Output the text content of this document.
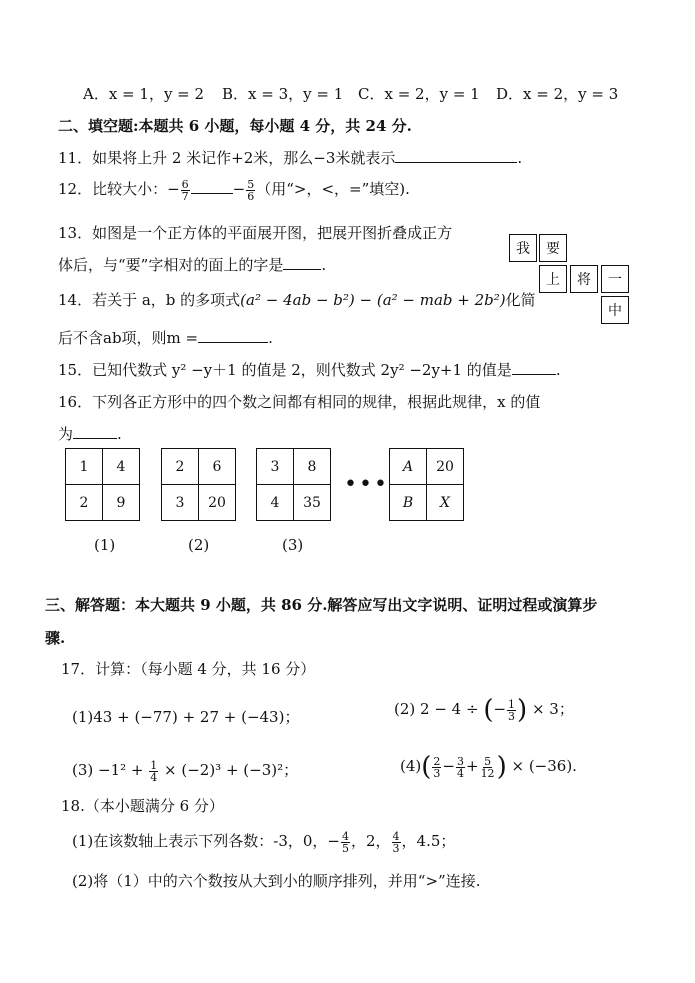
A．x = 1，y = 2 B．x = 3，y = 1 C．x = 2，y = 1 D．x = 2，y = 3
二、填空题:本题共 6 小题，每小题 4 分，共 24 分.
11．如果将上升 2 米记作+2米，那么−3米就表示	.
12．比较大小：− $\frac{6}{7}$	− $\frac{5}{6}$ （用“>，<，=”填空).
13．如图是一个正方体的平面展开图，把展开图折叠成正方
体后，与“要”字相对的面上的字是	.
我	要
上	将	一
中
14．若关于 a，b 的多项式(a² − 4ab − b²) − (a² − mab + 2b²)化简
后不含ab项，则m =	.
15．已知代数式 y² −y＋1 的值是 2，则代数式 2y² −2y+1 的值是	.
16．下列各正方形中的四个数之间都有相同的规律，根据此规律，x 的值
为	.
1	4
2	9
2	6
3	20
3	8
4	35
•••
A	20
B	X
(1)	(2)	(3)
三、解答题：本大题共 9 小题，共 86 分.解答应写出文字说明、证明过程或演算步
骤.
17．计算：（每小题 4 分，共 16 分）
(1)43 + (−77) + 27 + (−43)；	(2) 2 − 4 ÷ (− $\frac{1}{3}$ ) × 3；
$(3) -1^2 + \frac{1}{4} \times (-2)^3 + (-3)^2$；	$(4)( \frac{2}{3} - \frac{3}{4} + \frac{5}{12}$ ) × (−36).
18.（本小题满分 6 分）
(1)在该数轴上表示下列各数：-3，0，− $\frac{4}{5}$ ，2， $\frac{4}{3}$ ，4.5；
(2)将（1）中的六个数按从大到小的顺序排列，并用“>”连接.
